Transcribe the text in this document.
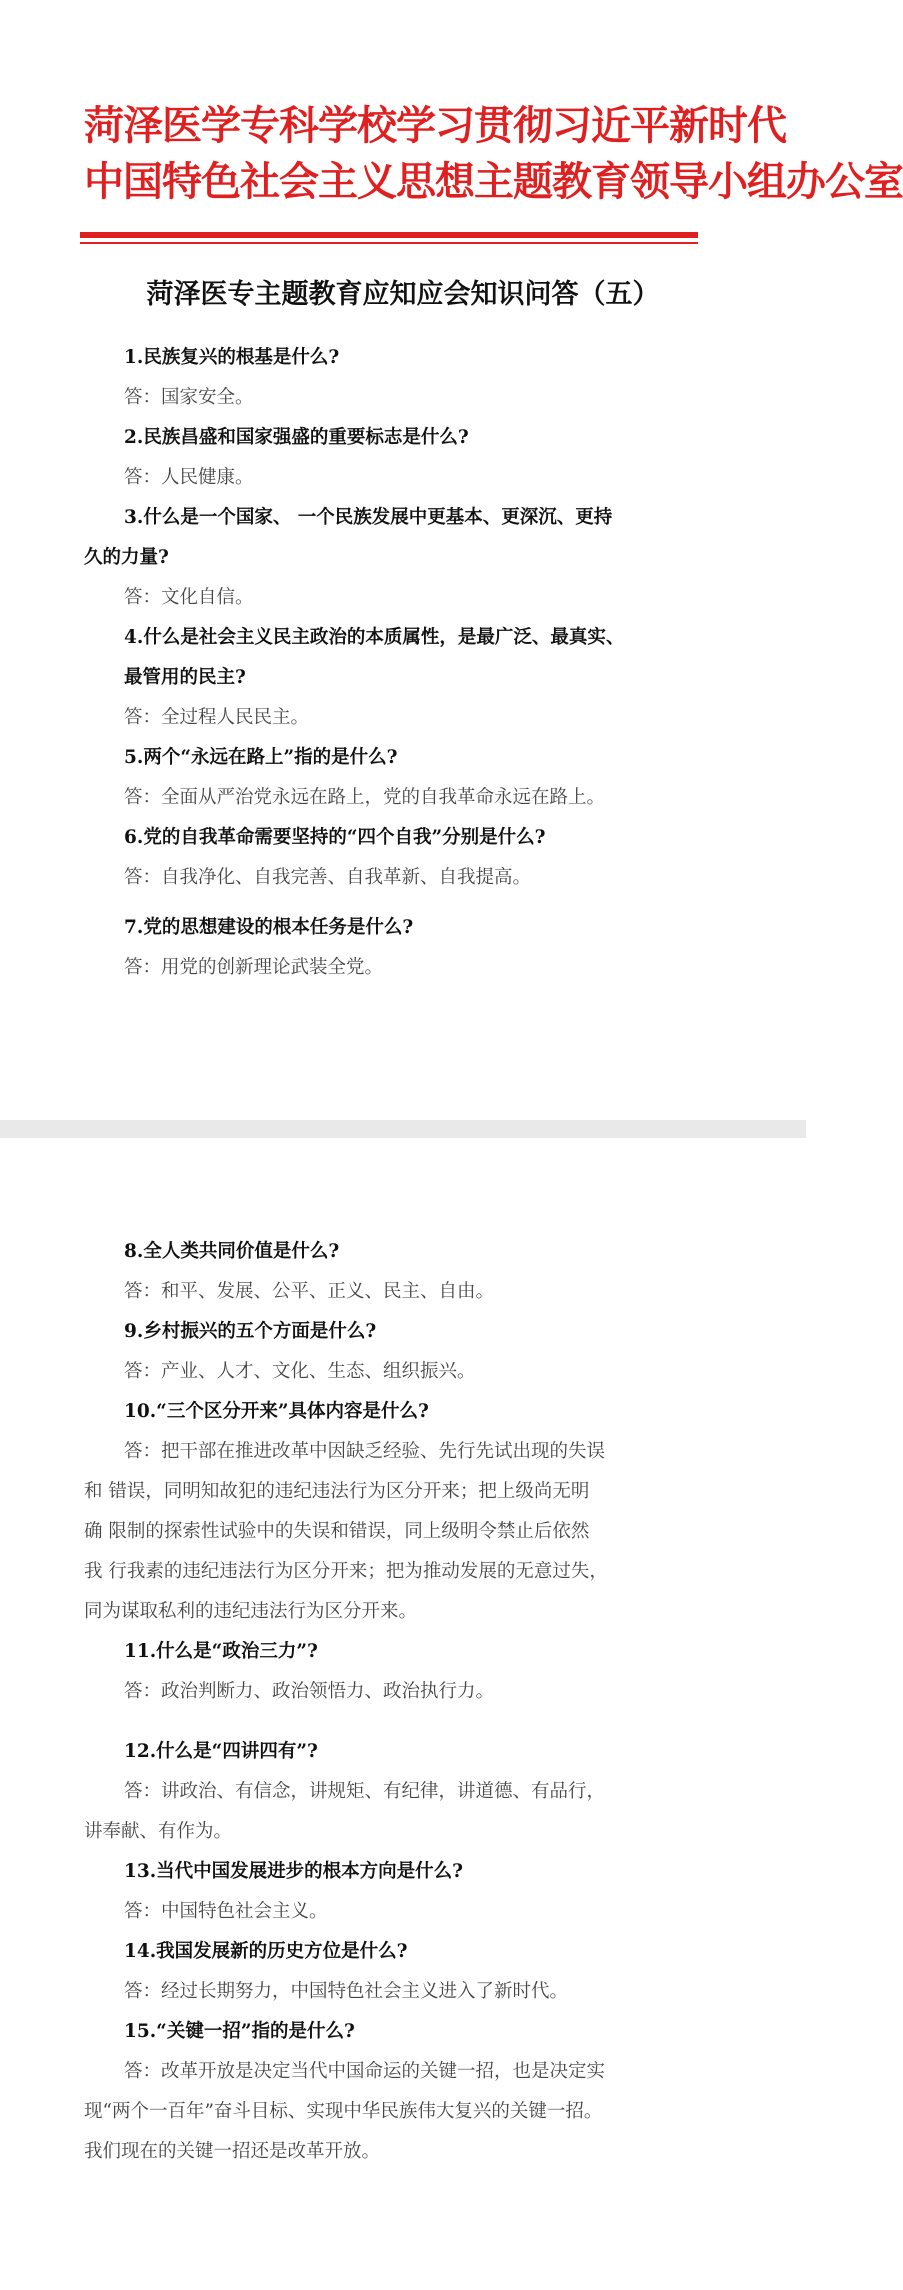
菏泽医学专科学校学习贯彻习近平新时代
中国特色社会主义思想主题教育领导小组办公室
菏泽医专主题教育应知应会知识问答（五）
1.民族复兴的根基是什么?
答：国家安全。
2.民族昌盛和国家强盛的重要标志是什么?
答：人民健康。
3.什么是一个国家、 一个民族发展中更基本、更深沉、更持
久的力量?
答：文化自信。
4.什么是社会主义民主政治的本质属性，是最广泛、最真实、
最管用的民主?
答：全过程人民民主。
5.两个“永远在路上”指的是什么?
答：全面从严治党永远在路上，党的自我革命永远在路上。
6.党的自我革命需要坚持的“四个自我”分别是什么?
答：自我净化、自我完善、自我革新、自我提高。
7.党的思想建设的根本任务是什么?
答：用党的创新理论武装全党。
8.全人类共同价值是什么?
答：和平、发展、公平、正义、民主、自由。
9.乡村振兴的五个方面是什么?
答：产业、人才、文化、生态、组织振兴。
10.“三个区分开来”具体内容是什么?
答：把干部在推进改革中因缺乏经验、先行先试出现的失误
和 错误，同明知故犯的违纪违法行为区分开来；把上级尚无明
确 限制的探索性试验中的失误和错误，同上级明令禁止后依然
我 行我素的违纪违法行为区分开来；把为推动发展的无意过失，
同为谋取私利的违纪违法行为区分开来。
11.什么是“政治三力”?
答：政治判断力、政治领悟力、政治执行力。
12.什么是“四讲四有”?
答：讲政治、有信念，讲规矩、有纪律，讲道德、有品行，
讲奉献、有作为。
13.当代中国发展进步的根本方向是什么?
答：中国特色社会主义。
14.我国发展新的历史方位是什么?
答：经过长期努力，中国特色社会主义进入了新时代。
15.“关键一招”指的是什么?
答：改革开放是决定当代中国命运的关键一招，也是决定实
现“两个一百年”奋斗目标、实现中华民族伟大复兴的关键一招。
我们现在的关键一招还是改革开放。
